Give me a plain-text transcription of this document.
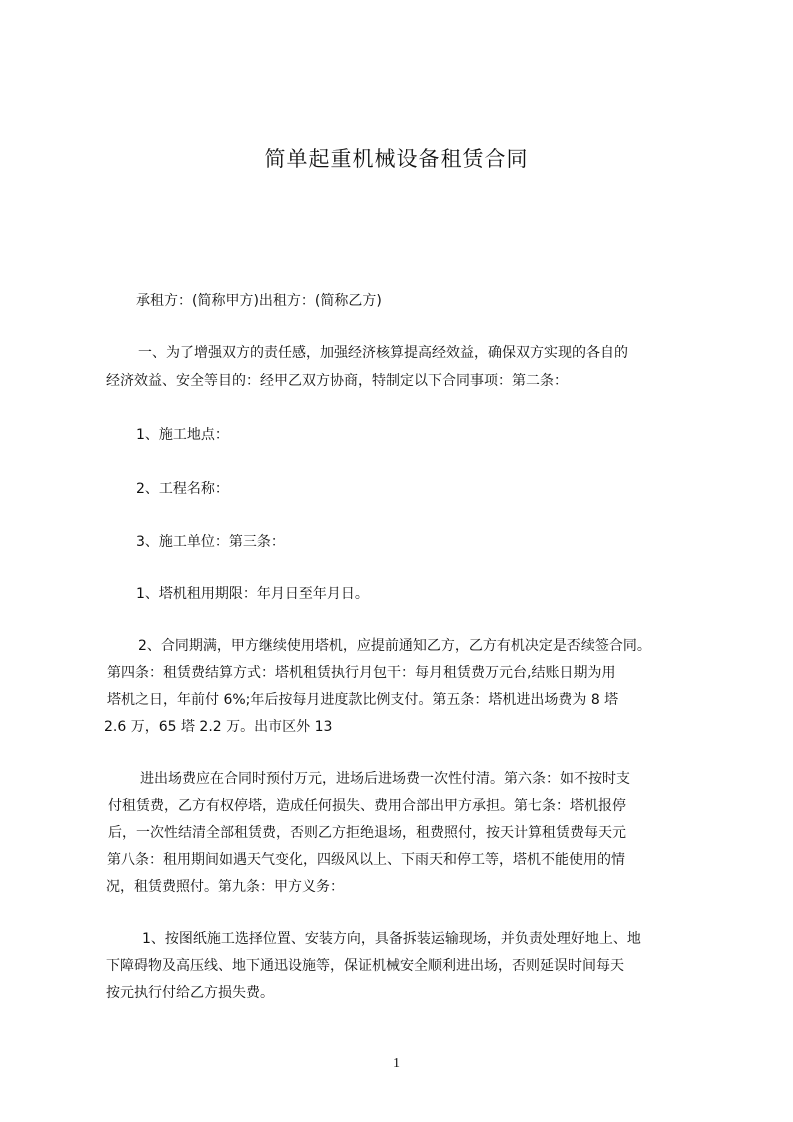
简单起重机械设备租赁合同
承租方：(简称甲方)出租方：(简称乙方)
一、为了增强双方的责任感，加强经济核算提高经效益，确保双方实现的各自的
经济效益、安全等目的：经甲乙双方协商，特制定以下合同事项：第二条：
1、施工地点：
2、工程名称：
3、施工单位：第三条：
1、塔机租用期限：年月日至年月日。
2、合同期满，甲方继续使用塔机，应提前通知乙方，乙方有机决定是否续签合同。
第四条：租赁费结算方式：塔机租赁执行月包干：每月租赁费万元台,结账日期为用
塔机之日，年前付 6%;年后按每月进度款比例支付。第五条：塔机进出场费为 8 塔
2.6 万，65 塔 2.2 万。出市区外 13
进出场费应在合同时预付万元，进场后进场费一次性付清。第六条：如不按时支
付租赁费，乙方有权停塔，造成任何损失、费用合部出甲方承担。第七条：塔机报停
后，一次性结清全部租赁费，否则乙方拒绝退场，租费照付，按天计算租赁费每天元
第八条：租用期间如遇天气变化，四级风以上、下雨天和停工等，塔机不能使用的情
况，租赁费照付。第九条：甲方义务：
1、按图纸施工选择位置、安装方向，具备拆装运输现场，并负责处理好地上、地
下障碍物及高压线、地下通迅设施等，保证机械安全顺利进出场，否则延误时间每天
按元执行付给乙方损失费。
1
